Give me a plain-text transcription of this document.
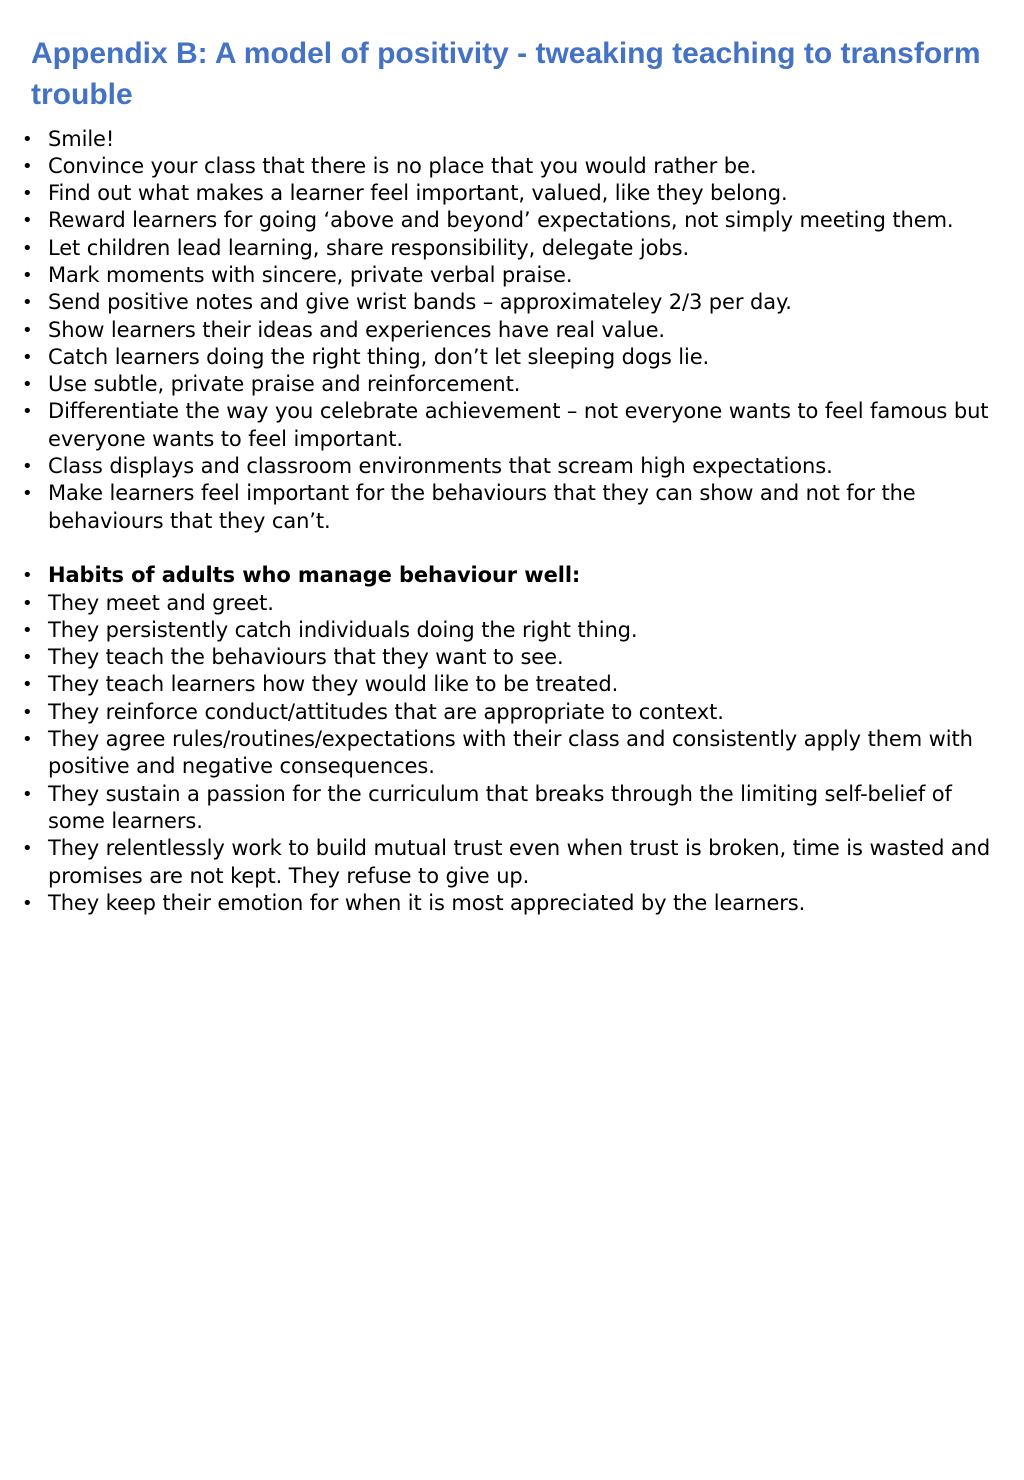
Appendix B: A model of positivity - tweaking teaching to transform trouble
• Smile!
• Convince your class that there is no place that you would rather be.
• Find out what makes a learner feel important, valued, like they belong.
• Reward learners for going ‘above and beyond’ expectations, not simply meeting them.
• Let children lead learning, share responsibility, delegate jobs.
• Mark moments with sincere, private verbal praise.
• Send positive notes and give wrist bands – approximateley 2/3 per day.
• Show learners their ideas and experiences have real value.
• Catch learners doing the right thing, don’t let sleeping dogs lie.
• Use subtle, private praise and reinforcement.
• Differentiate the way you celebrate achievement – not everyone wants to feel famous but everyone wants to feel important.
• Class displays and classroom environments that scream high expectations.
• Make learners feel important for the behaviours that they can show and not for the behaviours that they can’t.
• Habits of adults who manage behaviour well:
• They meet and greet.
• They persistently catch individuals doing the right thing.
• They teach the behaviours that they want to see.
• They teach learners how they would like to be treated.
• They reinforce conduct/attitudes that are appropriate to context.
• They agree rules/routines/expectations with their class and consistently apply them with positive and negative consequences.
• They sustain a passion for the curriculum that breaks through the limiting self-belief of some learners.
• They relentlessly work to build mutual trust even when trust is broken, time is wasted and promises are not kept. They refuse to give up.
• They keep their emotion for when it is most appreciated by the learners.
